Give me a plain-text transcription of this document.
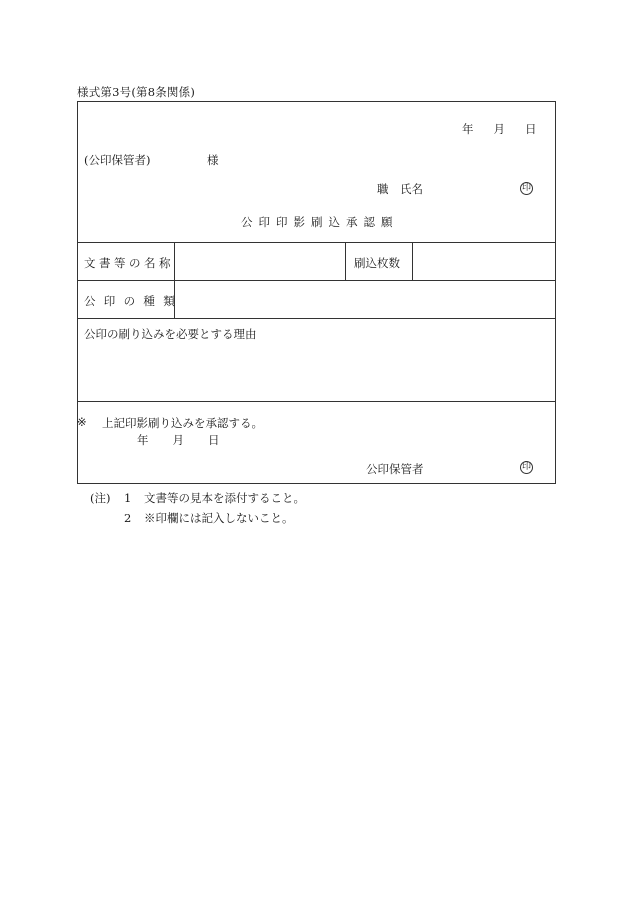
様式第3号(第8条関係)
年 月 日
(公印保管者)	様
職　氏名	印
公印印影刷込承認願
文書等の名称	刷込枚数
公印の種類
公印の刷り込みを必要とする理由
※ 上記印影刷り込みを承認する。
年 月 日
公印保管者	印
(注) 1 文書等の見本を添付すること。
2 ※印欄には記入しないこと。
